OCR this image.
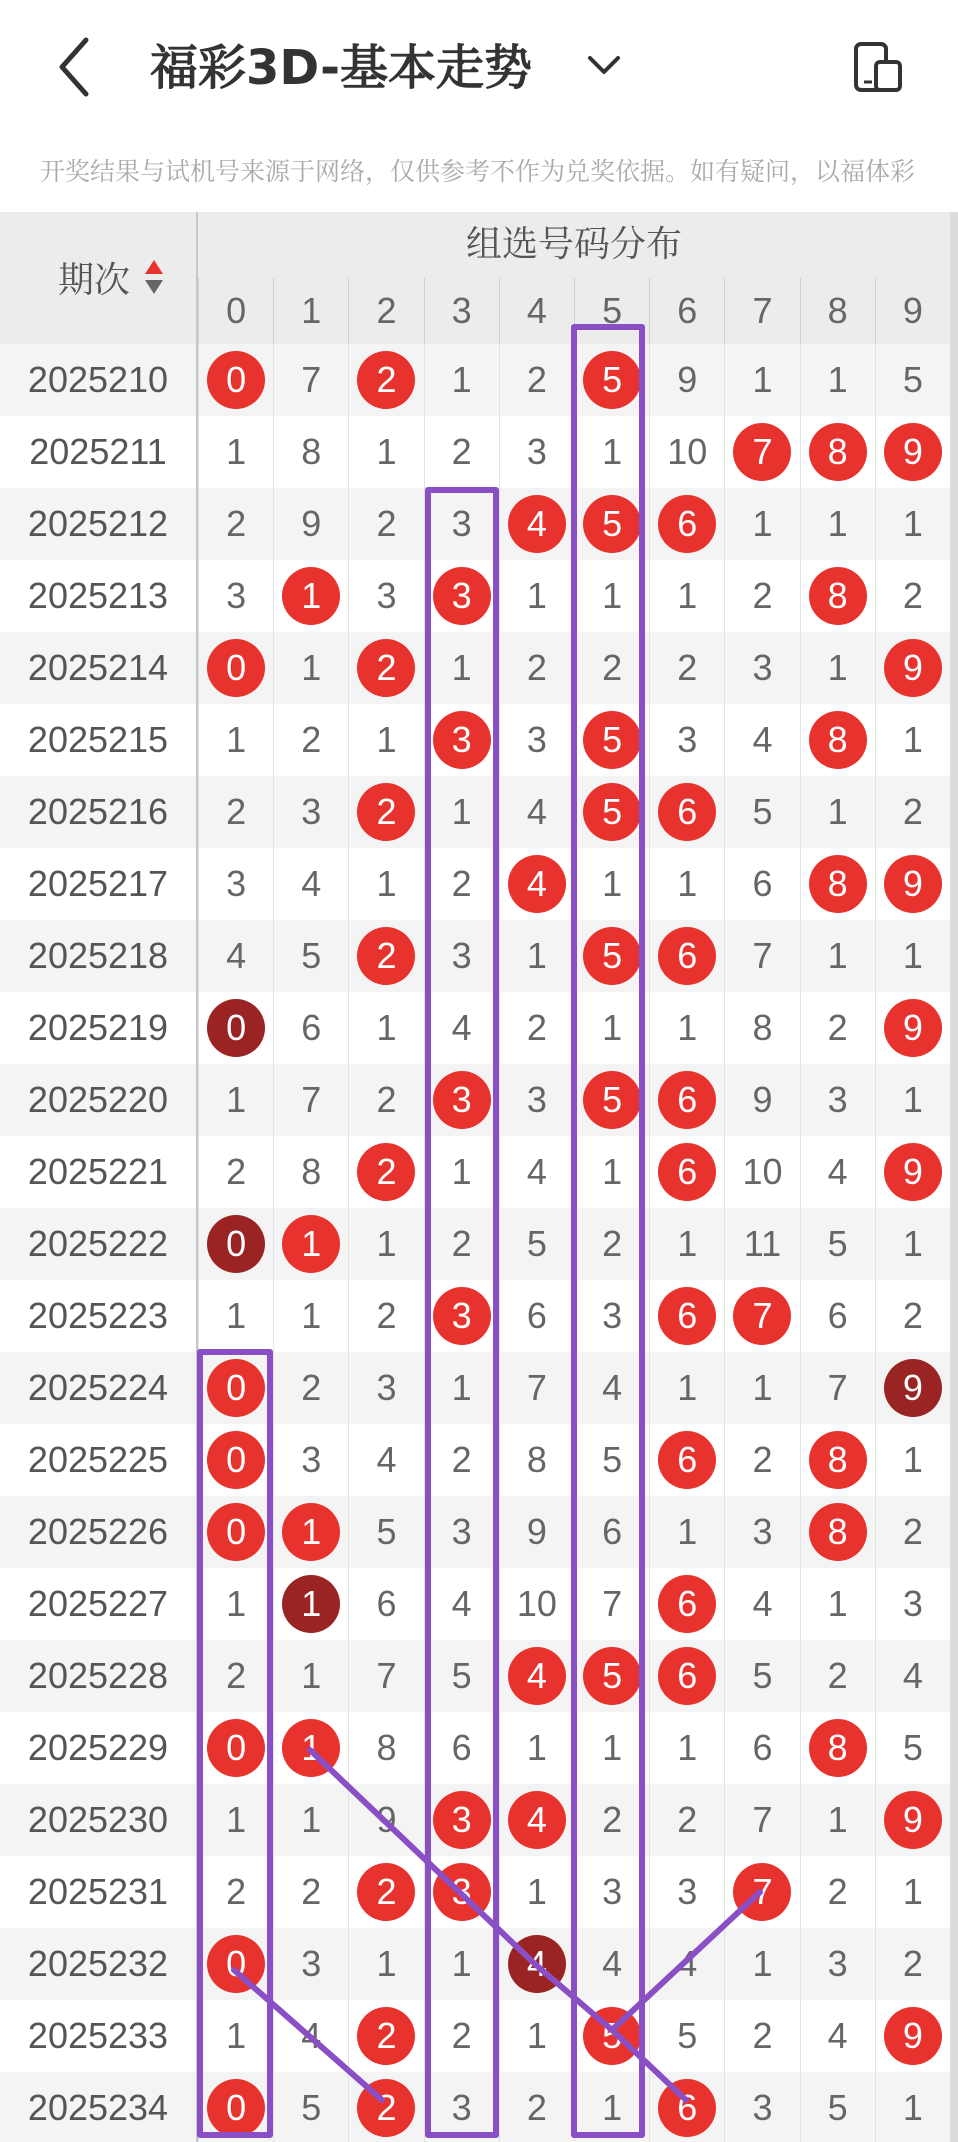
福彩3D-基本走势
开奖结果与试机号来源于网络，仅供参考不作为兑奖依据。如有疑问，以福体彩
期次
组选号码分布
0	1	2	3	4	5	6	7	8	9
2025210	0	7	2	1	2	5	9	1	1	5
2025211	1	8	1	2	3	1	10	7	8	9
2025212	2	9	2	3	4	5	6	1	1	1
2025213	3	1	3	3	1	1	1	2	8	2
2025214	0	1	2	1	2	2	2	3	1	9
2025215	1	2	1	3	3	5	3	4	8	1
2025216	2	3	2	1	4	5	6	5	1	2
2025217	3	4	1	2	4	1	1	6	8	9
2025218	4	5	2	3	1	5	6	7	1	1
2025219	0	6	1	4	2	1	1	8	2	9
2025220	1	7	2	3	3	5	6	9	3	1
2025221	2	8	2	1	4	1	6	10	4	9
2025222	0	1	1	2	5	2	1	11	5	1
2025223	1	1	2	3	6	3	6	7	6	2
2025224	0	2	3	1	7	4	1	1	7	9
2025225	0	3	4	2	8	5	6	2	8	1
2025226	0	1	5	3	9	6	1	3	8	2
2025227	1	1	6	4	10	7	6	4	1	3
2025228	2	1	7	5	4	5	6	5	2	4
2025229	0	1	8	6	1	1	1	6	8	5
2025230	1	1	9	3	4	2	2	7	1	9
2025231	2	2	2	3	1	3	3	7	2	1
2025232	0	3	1	1	4	4	4	1	3	2
2025233	1	4	2	2	1	5	5	2	4	9
2025234	0	5	2	3	2	1	6	3	5	1
